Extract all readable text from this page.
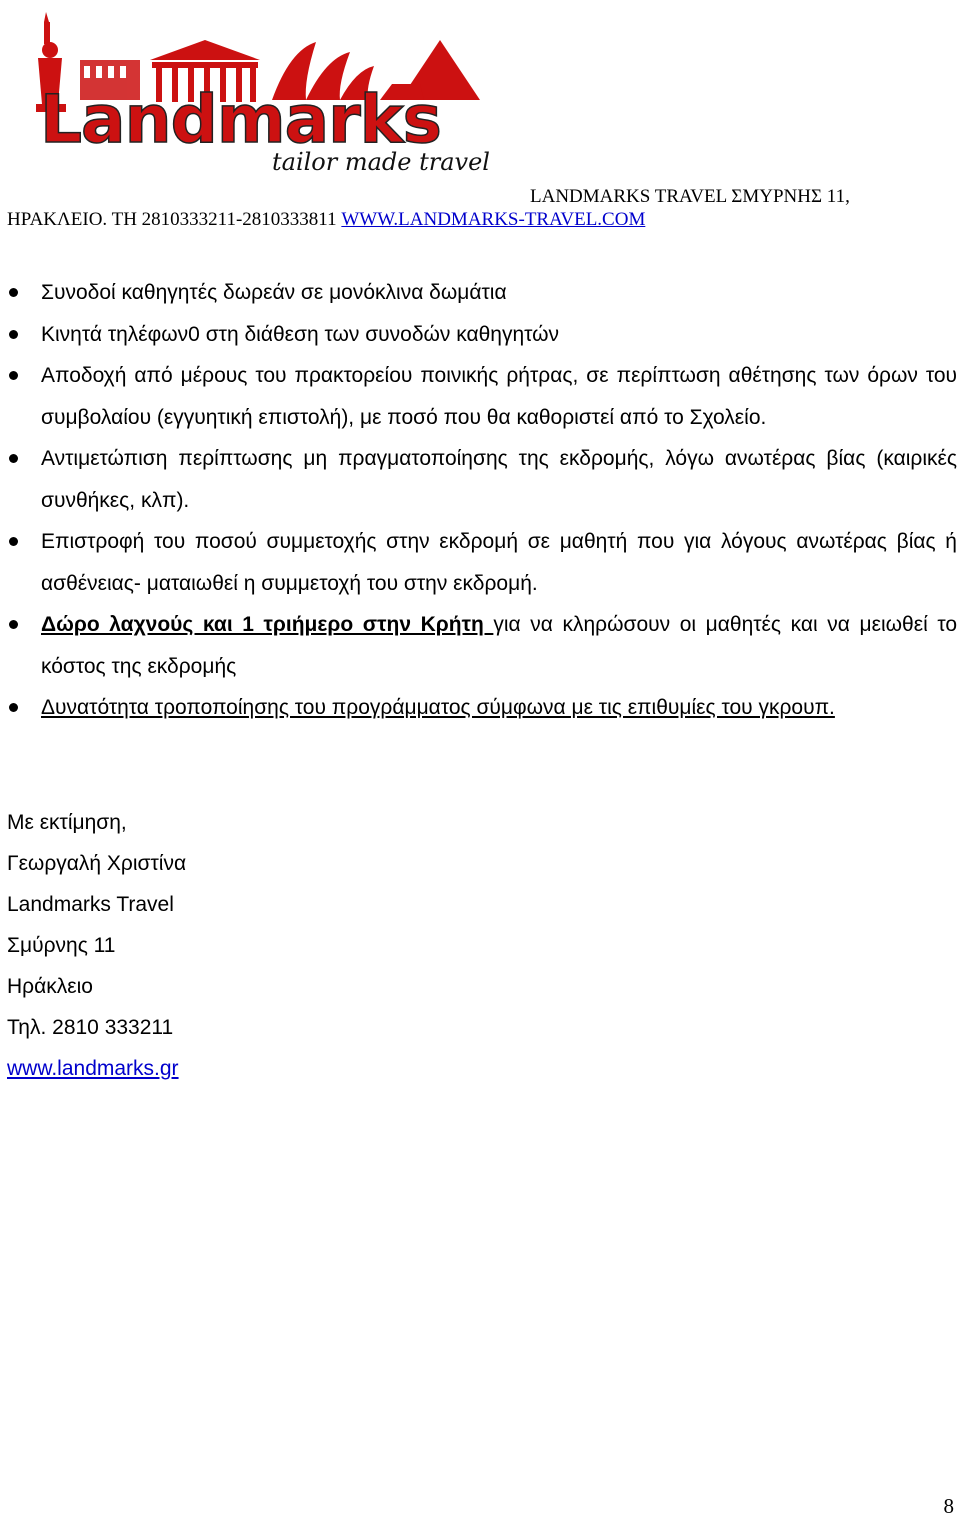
Landmarks
tailor made travel
LANDMARKS TRAVEL ΣΜΥΡΝΗΣ 11,
ΗΡΑΚΛΕΙΟ. ΤΗ 2810333211-2810333811 WWW.LANDMARKS-TRAVEL.COM
Συνοδοί καθηγητές δωρεάν σε μονόκλινα δωμάτια
Κινητά τηλέφων0 στη διάθεση των συνοδών καθηγητών
Αποδοχή από μέρους του πρακτορείου ποινικής ρήτρας, σε περίπτωση αθέτησης των όρων του συμβολαίου (εγγυητική επιστολή), με ποσό που θα καθοριστεί από το Σχολείο.
Αντιμετώπιση περίπτωσης μη πραγματοποίησης της εκδρομής, λόγω ανωτέρας βίας (καιρικές συνθήκες, κλπ).
Επιστροφή του ποσού συμμετοχής στην εκδρομή σε μαθητή που για λόγους ανωτέρας βίας ή ασθένειας- ματαιωθεί η συμμετοχή του στην εκδρομή.
Δώρο λαχνούς και 1 τριήμερο στην Κρήτη για να κληρώσουν οι μαθητές και να μειωθεί το κόστος της εκδρομής
Δυνατότητα τροποποίησης του προγράμματος σύμφωνα με τις επιθυμίες του γκρουπ.
Με εκτίμηση,
Γεωργαλή Χριστίνα
Landmarks Travel
Σμύρνης 11
Ηράκλειο
Τηλ. 2810 333211
www.landmarks.gr
8
